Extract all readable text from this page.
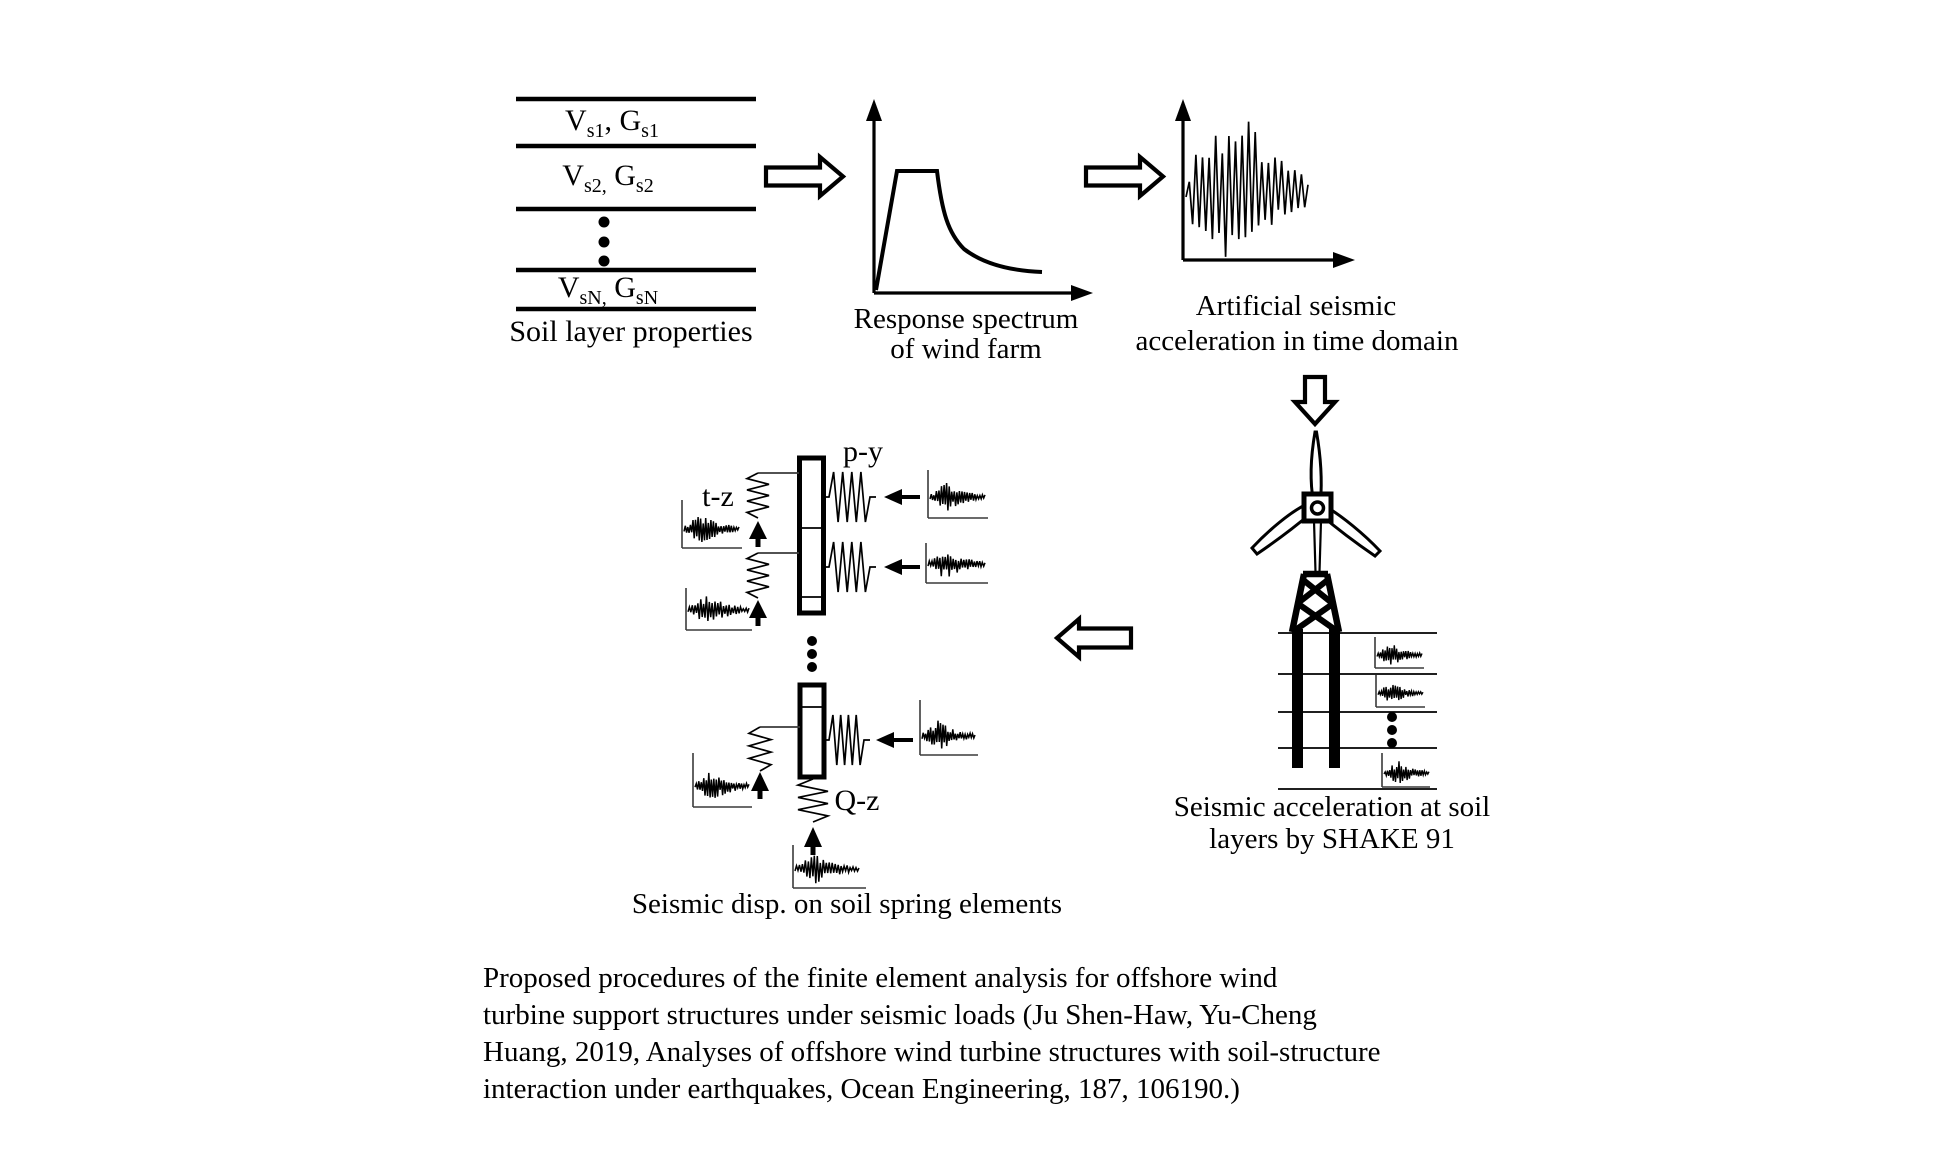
$V_{s1}$, $G_{s1}$
$V_{s2,}$ $G_{s2}$
$V_{sN,}$ $G_{sN}$
Soil layer properties	Response spectrum
of wind farm
Artificial seismic
acceleration in time domain
Seismic acceleration at soil
layers by SHAKE 91
p-y
t-z
Q-z
Seismic disp. on soil spring elements
Proposed procedures of the finite element analysis for offshore wind
turbine support structures under seismic loads (Ju Shen-Haw, Yu-Cheng
Huang, 2019, Analyses of offshore wind turbine structures with soil-structure
interaction under earthquakes, Ocean Engineering, 187, 106190.)
